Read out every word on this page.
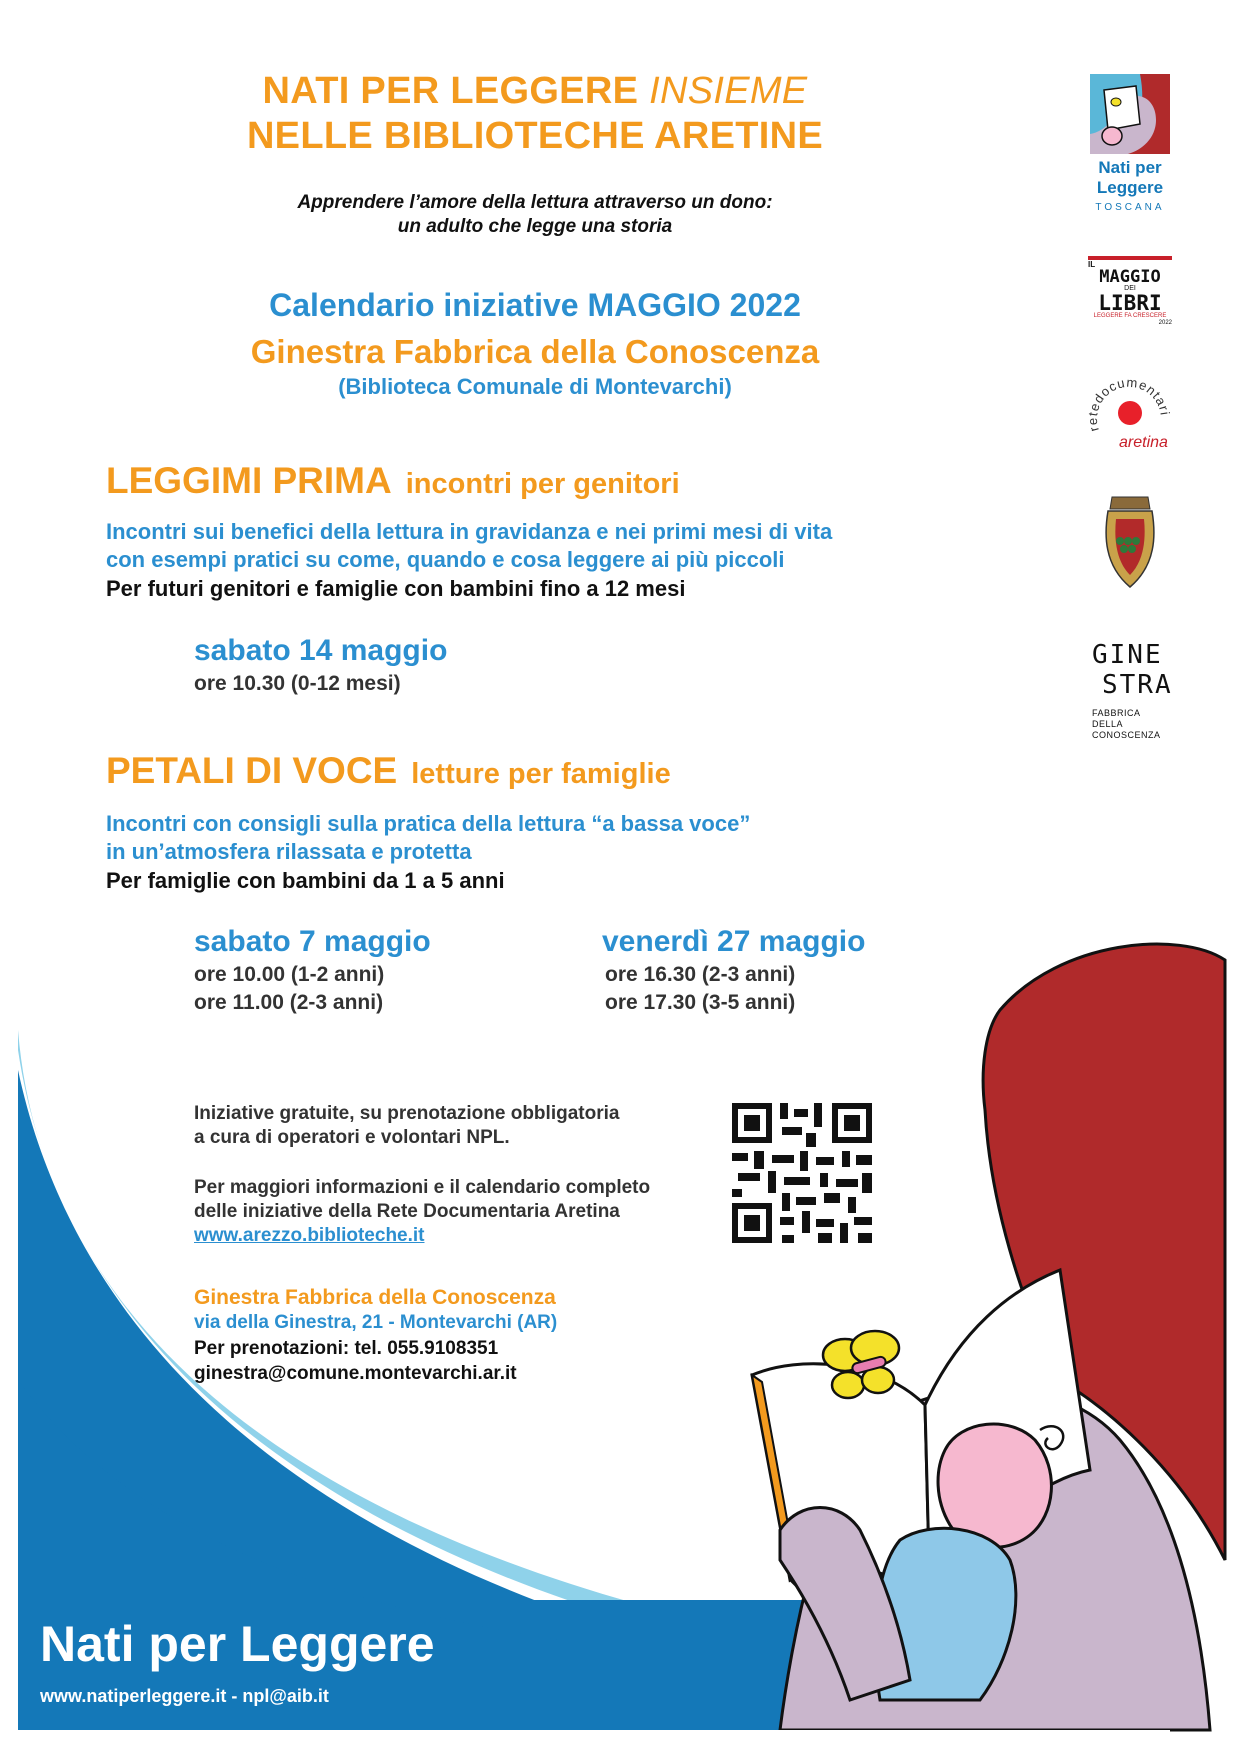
NATI PER LEGGERE INSIEME
NELLE BIBLIOTECHE ARETINE
Apprendere l’amore della lettura attraverso un dono:
un adulto che legge una storia
Calendario iniziative MAGGIO 2022
Ginestra Fabbrica della Conoscenza
(Biblioteca Comunale di Montevarchi)
LEGGIMI PRIMA incontri per genitori
Incontri sui benefici della lettura in gravidanza e nei primi mesi di vita
con esempi pratici su come, quando e cosa leggere ai più piccoli
Per futuri genitori e famiglie con bambini fino a 12 mesi
sabato 14 maggio
ore 10.30 (0-12 mesi)
PETALI DI VOCE letture per famiglie
Incontri con consigli sulla pratica della lettura “a bassa voce”
in un’atmosfera rilassata e protetta
Per famiglie con bambini da 1 a 5 anni
sabato 7 maggio
ore 10.00 (1-2 anni)
ore 11.00 (2-3 anni)
venerdì 27 maggio
ore 16.30 (2-3 anni)
ore 17.30 (3-5 anni)
Iniziative gratuite, su prenotazione obbligatoria
a cura di operatori e volontari NPL.
Per maggiori informazioni e il calendario completo
delle iniziative della Rete Documentaria Aretina
www.arezzo.biblioteche.it
Ginestra Fabbrica della Conoscenza
via della Ginestra, 21 - Montevarchi (AR)
Per prenotazioni: tel. 055.9108351
ginestra@comune.montevarchi.ar.it
Nati per
Leggere
TOSCANA
IL
MAGGIO
DEI
LIBRI
LEGGERE FA CRESCERE
2022
retedocumentari
aretina
GINE
STRA
FABBRICA
DELLA
CONOSCENZA
Nati per Leggere
www.natiperleggere.it - npl@aib.it
